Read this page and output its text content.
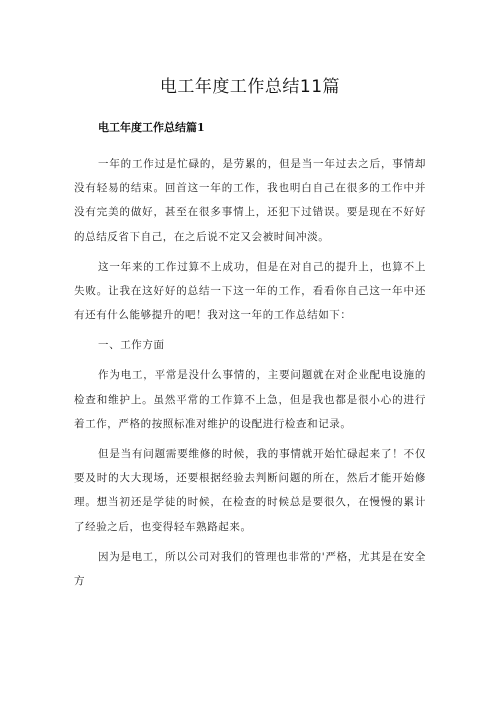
电工年度工作总结11篇
电工年度工作总结篇1

一年的工作过是忙碌的，是劳累的，但是当一年过去之后，事情却没有轻易的结束。回首这一年的工作，我也明白自己在很多的工作中并没有完美的做好，甚至在很多事情上，还犯下过错误。要是现在不好好的总结反省下自己，在之后说不定又会被时间冲淡。

这一年来的工作过算不上成功，但是在对自己的提升上，也算不上失败。让我在这好好的总结一下这一年的工作，看看你自己这一年中还有还有什么能够提升的吧！我对这一年的工作总结如下：

一、工作方面

作为电工，平常是没什么事情的，主要问题就在对企业配电设施的检查和维护上。虽然平常的工作算不上急，但是我也都是很小心的进行着工作，严格的按照标准对维护的设配进行检查和记录。

但是当有问题需要维修的时候，我的事情就开始忙碌起来了！不仅要及时的大大现场，还要根据经验去判断问题的所在，然后才能开始修理。想当初还是学徒的时候，在检查的时候总是要很久，在慢慢的累计了经验之后，也变得轻车熟路起来。

因为是电工，所以公司对我们的管理也非常的'严格，尤其是在安全方
